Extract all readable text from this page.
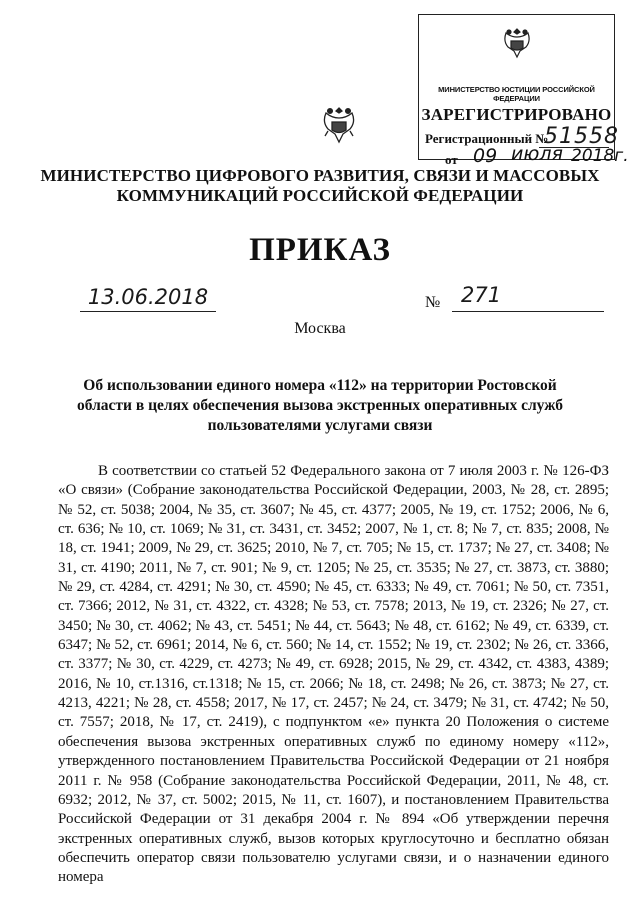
МИНИСТЕРСТВО ЮСТИЦИИ РОССИЙСКОЙ ФЕДЕРАЦИИ
ЗАРЕГИСТРИРОВАНО
Регистрационный №
51558
от 09 июля 2018г.
МИНИСТЕРСТВО ЦИФРОВОГО РАЗВИТИЯ, СВЯЗИ И МАССОВЫХ КОММУНИКАЦИЙ РОССИЙСКОЙ ФЕДЕРАЦИИ
ПРИКАЗ
13.06.2018	№ 271
Москва
Об использовании единого номера «112» на территории Ростовской области в целях обеспечения вызова экстренных оперативных служб пользователями услугами связи

В соответствии со статьей 52 Федерального закона от 7 июля 2003 г. № 126-ФЗ «О связи» (Собрание законодательства Российской Федерации, 2003, № 28, ст. 2895; № 52, ст. 5038; 2004, № 35, ст. 3607; № 45, ст. 4377; 2005, № 19, ст. 1752; 2006, № 6, ст. 636; № 10, ст. 1069; № 31, ст. 3431, ст. 3452; 2007, № 1, ст. 8; № 7, ст. 835; 2008, № 18, ст. 1941; 2009, № 29, ст. 3625; 2010, № 7, ст. 705; № 15, ст. 1737; № 27, ст. 3408; № 31, ст. 4190; 2011, № 7, ст. 901; № 9, ст. 1205; № 25, ст. 3535; № 27, ст. 3873, ст. 3880; № 29, ст. 4284, ст. 4291; № 30, ст. 4590; № 45, ст. 6333; № 49, ст. 7061; № 50, ст. 7351, ст. 7366; 2012, № 31, ст. 4322, ст. 4328; № 53, ст. 7578; 2013, № 19, ст. 2326; № 27, ст. 3450; № 30, ст. 4062; № 43, ст. 5451; № 44, ст. 5643; № 48, ст. 6162; № 49, ст. 6339, ст. 6347; № 52, ст. 6961; 2014, № 6, ст. 560; № 14, ст. 1552; № 19, ст. 2302; № 26, ст. 3366, ст. 3377; № 30, ст. 4229, ст. 4273; № 49, ст. 6928; 2015, № 29, ст. 4342, ст. 4383, 4389; 2016, № 10, ст.1316, ст.1318; № 15, ст. 2066; № 18, ст. 2498; № 26, ст. 3873; № 27, ст. 4213, 4221; № 28, ст. 4558; 2017, № 17, ст. 2457; № 24, ст. 3479; № 31, ст. 4742; № 50, ст. 7557; 2018, № 17, ст. 2419), с подпунктом «е» пункта 20 Положения о системе обеспечения вызова экстренных оперативных служб по единому номеру «112», утвержденного постановлением Правительства Российской Федерации от 21 ноября 2011 г. № 958 (Собрание законодательства Российской Федерации, 2011, № 48, ст. 6932; 2012, № 37, ст. 5002; 2015, № 11, ст. 1607), и постановлением Правительства Российской Федерации от 31 декабря 2004 г. № 894 «Об утверждении перечня экстренных оперативных служб, вызов которых круглосуточно и бесплатно обязан обеспечить оператор связи пользователю услугами связи, и о назначении единого номера
